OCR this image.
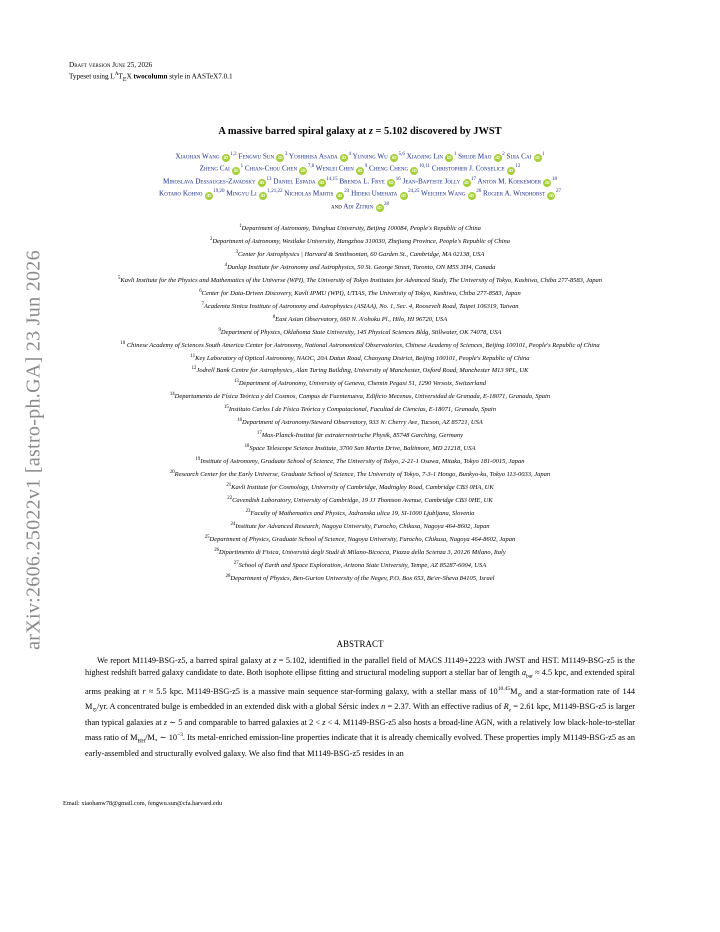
arXiv:2606.25022v1 [astro-ph.GA] 23 Jun 2026
Draft version June 25, 2026
Typeset using $L^AT_EX$ twocolumn style in AASTeX7.0.1
A massive barred spiral galaxy at z = 5.102 discovered by JWST
Xiaohan Wang iD$^{1,2}$ Fengwu Sun $iD^3$ Yoshihisa Asada $iD^4$ Yunjing Wu iD$^{5,6}$ Xiaojing Lin $iD^1$ Shude Mao $iD^2$ Sijia Cai $iD^1$
Zheng Cai $iD^1$ Chian-Chou Chen iD$^{7,8}$ Wenlei Chen $iD^9$ Cheng Cheng iD$^{10,11}$ Christopher J. Conselice $iD^{12}$
Miroslava Dessauges-Zavadsky $iD^{13}$ Daniel Espada iD$^{14,15}$ Brenda L. Frye $iD^{16}$ Jean-Baptiste Jolly $iD^{17}$ Anton M. Koekemoer $iD^{18}$
Kotaro Kohno iD$^{19,20}$ Mingyu Li iD$^{1,21,22}$ Nicholas Martis $iD^{23}$ Hideki Umehata iD$^{24,25}$ Weichen Wang $iD^{26}$ Rogier A. Windhorst $iD^{27}$
and Adi Zitrin $iD^{28}$
$^1$Department of Astronomy, Tsinghua University, Beijing 100084, People's Republic of China
$^2$Department of Astronomy, Westlake University, Hangzhou 310030, Zhejiang Province, People's Republic of China
$^3$Center for Astrophysics | Harvard & Smithsonian, 60 Garden St., Cambridge, MA 02138, USA
$^4$Dunlap Institute for Astronomy and Astrophysics, 50 St. George Street, Toronto, ON M5S 3H4, Canada
$^5$Kavli Institute for the Physics and Mathematics of the Universe (WPI), The University of Tokyo Institutes for Advanced Study, The University of Tokyo, Kashiwa, Chiba 277-8583, Japan
$^6$Center for Data-Driven Discovery, Kavli IPMU (WPI), UTIAS, The University of Tokyo, Kashiwa, Chiba 277-8583, Japan
$^7$Academia Sinica Institute of Astronomy and Astrophysics (ASIAA), No. 1, Sec. 4, Roosevelt Road, Taipei 106319, Taiwan
$^8$East Asian Observatory, 660 N. A'ohoku Pl., Hilo, HI 96720, USA
$^9$Department of Physics, Oklahoma State University, 145 Physical Sciences Bldg, Stillwater, OK 74078, USA
$^{10}$ Chinese Academy of Sciences South America Center for Astronomy, National Astronomical Observatories, Chinese Academy of Sciences, Beijing 100101, People's Republic of China
$^{11}$Key Laboratory of Optical Astronomy, NAOC, 20A Datun Road, Chaoyang District, Beijing 100101, People's Republic of China
$^{12}$Jodrell Bank Centre for Astrophysics, Alan Turing Building, University of Manchester, Oxford Road, Manchester M13 9PL, UK
$^{13}$Department of Astronomy, University of Geneva, Chemin Pegasi 51, 1290 Versoix, Switzerland
$^{14}$Departamento de Física Teórica y del Cosmos, Campus de Fuentenueva, Edificio Mecenas, Universidad de Granada, E-18071, Granada, Spain
$^{15}$Instituto Carlos I de Física Teórica y Computacional, Facultad de Ciencias, E-18071, Granada, Spain
$^{16}$Department of Astronomy/Steward Observatory, 933 N. Cherry Ave, Tucson, AZ 85721, USA
$^{17}$Max-Planck-Institut für extraterrestrische Physik, 85748 Garching, Germany
$^{18}$Space Telescope Science Institute, 3700 San Martin Drive, Baltimore, MD 21218, USA
$^{19}$Institute of Astronomy, Graduate School of Science, The University of Tokyo, 2-21-1 Osawa, Mitaka, Tokyo 181-0015, Japan
$^{20}$Research Center for the Early Universe, Graduate School of Science, The University of Tokyo, 7-3-1 Hongo, Bunkyo-ku, Tokyo 113-0033, Japan
$^{21}$Kavli Institute for Cosmology, University of Cambridge, Madingley Road, Cambridge CB3 0HA, UK
$^{22}$Cavendish Laboratory, University of Cambridge, 19 JJ Thomson Avenue, Cambridge CB3 0HE, UK
$^{23}$Faculty of Mathematics and Physics, Jadranska ulica 19, SI-1000 Ljubljana, Slovenia
$^{24}$Institute for Advanced Research, Nagoya University, Furocho, Chikusa, Nagoya 464-8602, Japan
$^{25}$Department of Physics, Graduate School of Science, Nagoya University, Furocho, Chikusa, Nagoya 464-8602, Japan
$^{26}$Dipartimento di Fisica, Università degli Studi di Milano-Bicocca, Piazza della Scienza 3, 20126 Milano, Italy
$^{27}$School of Earth and Space Exploration, Arizona State University, Tempe, AZ 85287-6004, USA
$^{28}$Department of Physics, Ben-Gurion University of the Negev, P.O. Box 653, Be'er-Sheva 84105, Israel
ABSTRACT
We report M1149-BSG-z5, a barred spiral galaxy at z = 5.102, identified in the parallel field of MACS J1149+2223 with JWST and HST. M1149-BSG-z5 is the highest redshift barred galaxy candidate to date. Both isophote ellipse fitting and structural modeling support a stellar bar of length $a_{bar} \approx 4.5$ kpc, and extended spiral arms peaking at r ≈ 5.5 kpc. M1149-BSG-z5 is a massive main sequence star-forming galaxy, with a stellar mass of $10^{10.45}M_⊙$ and a star-formation rate of 144 $M_⊙/yr$. A concentrated bulge is embedded in an extended disk with a global Sérsic index n = 2.37. With an effective radius of $R_e = 2.61$ kpc, M1149-BSG-z5 is larger than typical galaxies at z ∼ 5 and comparable to barred galaxies at 2 < z < 4. M1149-BSG-z5 also hosts a broad-line AGN, with a relatively low black-hole-to-stellar mass ratio of $M_{BH}/M_*$ ∼ $10^{-3}$. Its metal-enriched emission-line properties indicate that it is already chemically evolved. These properties imply M1149-BSG-z5 as an early-assembled and structurally evolved galaxy. We also find that M1149-BSG-z5 resides in an
Email: xiaohanw78@gmail.com, fengwu.sun@cfa.harvard.edu
